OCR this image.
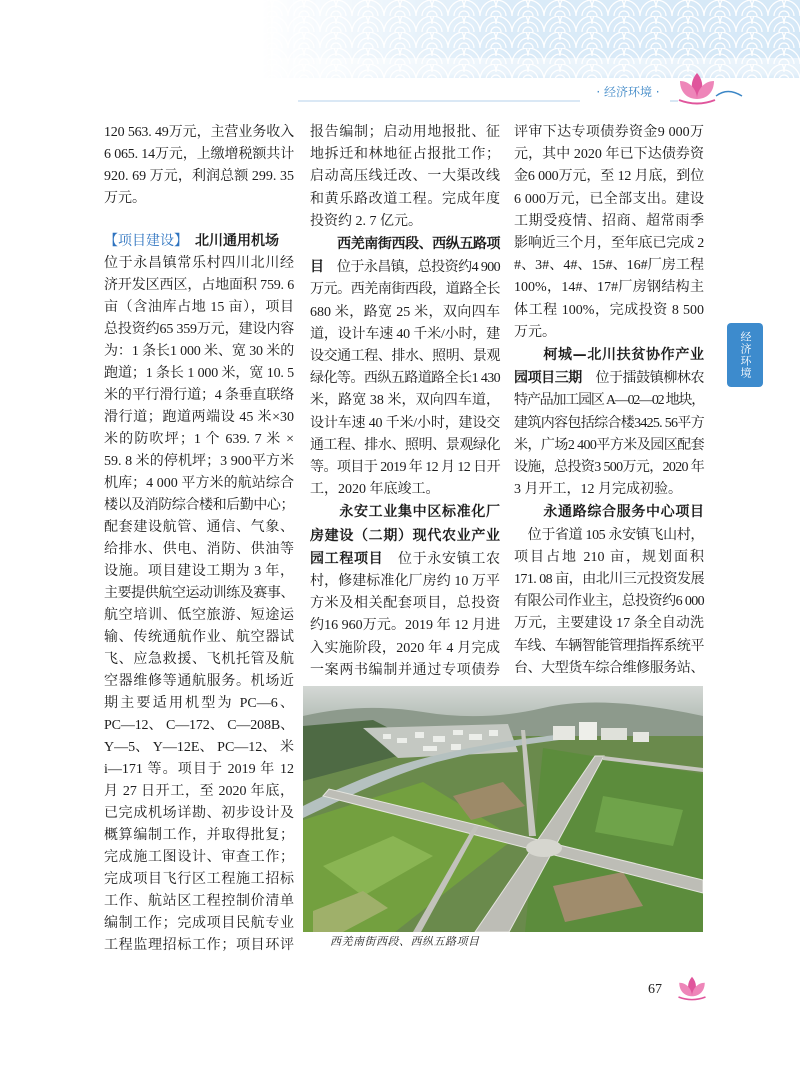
· 经济环境 ·
经济环境
120 563. 49万元，主营业务收入
6 065. 14万元，上缴增税额共计
920. 69 万元，利润总额 299. 35
万元。
【项目建设】　 北川通用机场
位于永昌镇常乐村四川北川经
济开发区西区，占地面积 759. 6
亩（含油库占地 15 亩），项目
总投资约65 359万元，建设内容
为：1 条长1 000 米、宽 30 米的
跑道；1 条长 1 000 米，宽 10. 5
米的平行滑行道；4 条垂直联络
滑行道；跑道两端设 45 米×30
米的防吹坪；1 个 639. 7 米 ×
59. 8 米的停机坪；3 900平方米
机库；4 000 平方米的航站综合
楼以及消防综合楼和后勤中心；
配套建设航管、通信、气象、
给排水、供电、消防、供油等
设施。项目建设工期为 3 年，
主要提供航空运动训练及赛事、
航空培训、低空旅游、短途运
输、传统通航作业、航空器试
飞、应急救援、飞机托管及航
空器维修等通航服务。机场近
期主要适用机型为 PC—6、
PC—12、 C—172、 C—208B、
Y—5、 Y—12E、 PC—12、 米
i—171 等。项目于 2019 年 12
月 27 日开工，至 2020 年底，
已完成机场详勘、初步设计及
概算编制工作，并取得批复；
完成施工图设计、审查工作；
完成项目飞行区工程施工招标
工作、航站区工程控制价清单
编制工作；完成项目民航专业
工程监理招标工作；项目环评
报告编制；启动用地报批、征
地拆迁和林地征占报批工作；
启动高压线迁改、一大渠改线
和黄乐路改道工程。完成年度
投资约 2. 7 亿元。
　　西羌南街西段、西纵五路项
目　位于永昌镇，总投资约4 900
万元。西羌南街西段，道路全长
680 米，路宽 25 米，双向四车
道，设计车速 40 千米/小时，建
设交通工程、排水、照明、景观
绿化等。西纵五路道路全长1 430
米，路宽 38 米，双向四车道，
设计车速 40 千米/小时，建设交
通工程、排水、照明、景观绿化
等。项目于 2019 年 12 月 12 日开
工，2020 年底竣工。
　　永安工业集中区标准化厂
房建设（二期）现代农业产业
园工程项目　位于永安镇工农
村，修建标准化厂房约 10 万平
方米及相关配套项目，总投资
约16 960万元。2019 年 12 月进
入实施阶段，2020 年 4 月完成
一案两书编制并通过专项债券
评审下达专项债券资金9 000万
元，其中 2020 年已下达债券资
金6 000万元，至 12 月底，到位
6 000万元，已全部支出。建设
工期受疫情、招商、超常雨季
影响近三个月，至年底已完成 2
#、3#、4#、15#、16#厂房工程
100%，14#、17#厂房钢结构主
体工程 100%，完成投资 8 500
万元。
　　柯城—北川扶贫协作产业
园项目三期　位于擂鼓镇柳林农
特产品加工园区 A—02—02 地块，
建筑内容包括综合楼3425. 56平方
米，广场2 400平方米及园区配套
设施，总投资3 500万元，2020 年
3 月开工，12 月完成初验。
　　永通路综合服务中心项目
　位于省道 105 永安镇飞山村，
项目占地 210 亩，规划面积
171. 08 亩，由北川三元投资发展
有限公司作业主，总投资约6 000
万元，主要建设 17 条全自动洗
车线、车辆智能管理指挥系统平
台、大型货车综合维修服务站、
西羌南街西段、西纵五路项目
67
